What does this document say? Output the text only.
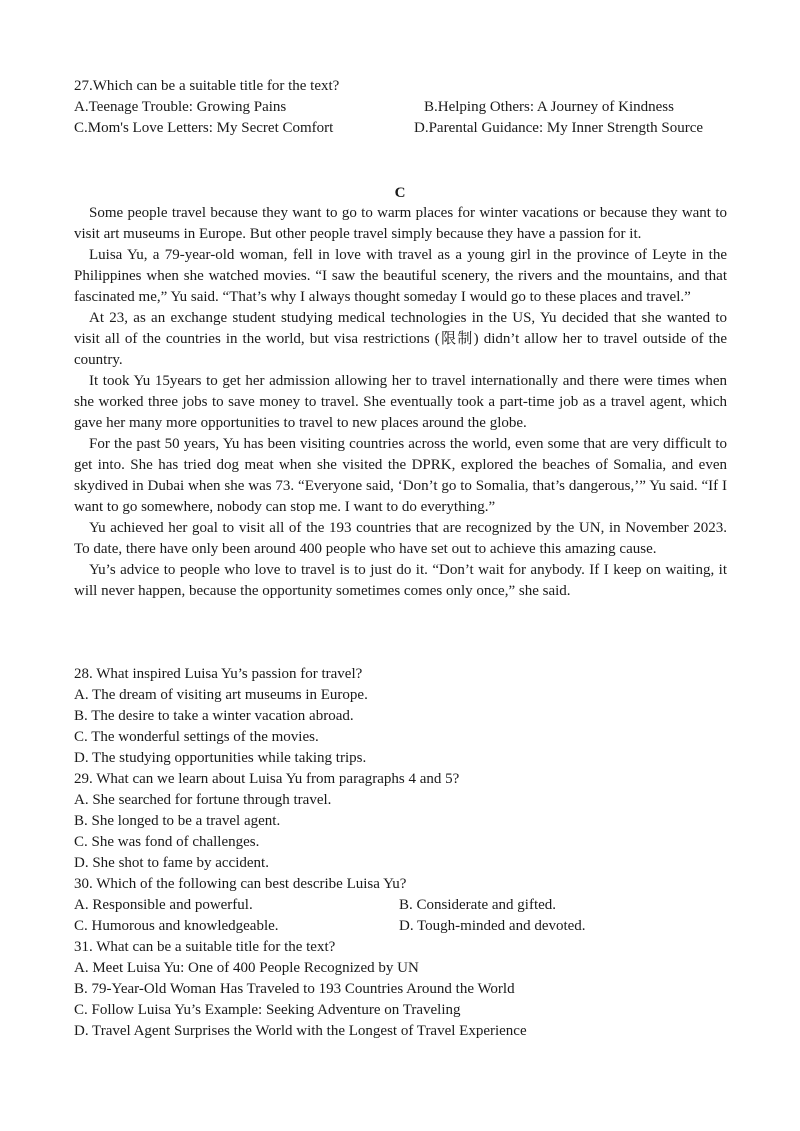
27.Which can be a suitable title for the text?
A.Teenage Trouble: Growing Pains	B.Helping Others: A Journey of Kindness
C.Mom's Love Letters: My Secret Comfort	D.Parental Guidance: My Inner Strength Source
C

Some people travel because they want to go to warm places for winter vacations or because they want to visit art museums in Europe. But other people travel simply because they have a passion for it.

Luisa Yu, a 79-year-old woman, fell in love with travel as a young girl in the province of Leyte in the Philippines when she watched movies. “I saw the beautiful scenery, the rivers and the mountains, and that fascinated me,” Yu said. “That’s why I always thought someday I would go to these places and travel.”

At 23, as an exchange student studying medical technologies in the US, Yu decided that she wanted to visit all of the countries in the world, but visa restrictions (限制) didn’t allow her to travel outside of the country.

It took Yu 15years to get her admission allowing her to travel internationally and there were times when she worked three jobs to save money to travel. She eventually took a part-time job as a travel agent, which gave her many more opportunities to travel to new places around the globe.

For the past 50 years, Yu has been visiting countries across the world, even some that are very difficult to get into. She has tried dog meat when she visited the DPRK, explored the beaches of Somalia, and even skydived in Dubai when she was 73. “Everyone said, ‘Don’t go to Somalia, that’s dangerous,’” Yu said. “If I want to go somewhere, nobody can stop me. I want to do everything.”

Yu achieved her goal to visit all of the 193 countries that are recognized by the UN, in November 2023. To date, there have only been around 400 people who have set out to achieve this amazing cause.

Yu’s advice to people who love to travel is to just do it. “Don’t wait for anybody. If I keep on waiting, it will never happen, because the opportunity sometimes comes only once,” she said.

28. What inspired Luisa Yu’s passion for travel?
A. The dream of visiting art museums in Europe.
B. The desire to take a winter vacation abroad.
C. The wonderful settings of the movies.
D. The studying opportunities while taking trips.
29. What can we learn about Luisa Yu from paragraphs 4 and 5?
A. She searched for fortune through travel.
B. She longed to be a travel agent.
C. She was fond of challenges.
D. She shot to fame by accident.
30. Which of the following can best describe Luisa Yu?
A. Responsible and powerful.	B. Considerate and gifted.
C. Humorous and knowledgeable.	D. Tough-minded and devoted.
31. What can be a suitable title for the text?
A. Meet Luisa Yu: One of 400 People Recognized by UN
B. 79-Year-Old Woman Has Traveled to 193 Countries Around the World
C. Follow Luisa Yu’s Example: Seeking Adventure on Traveling
D. Travel Agent Surprises the World with the Longest of Travel Experience
